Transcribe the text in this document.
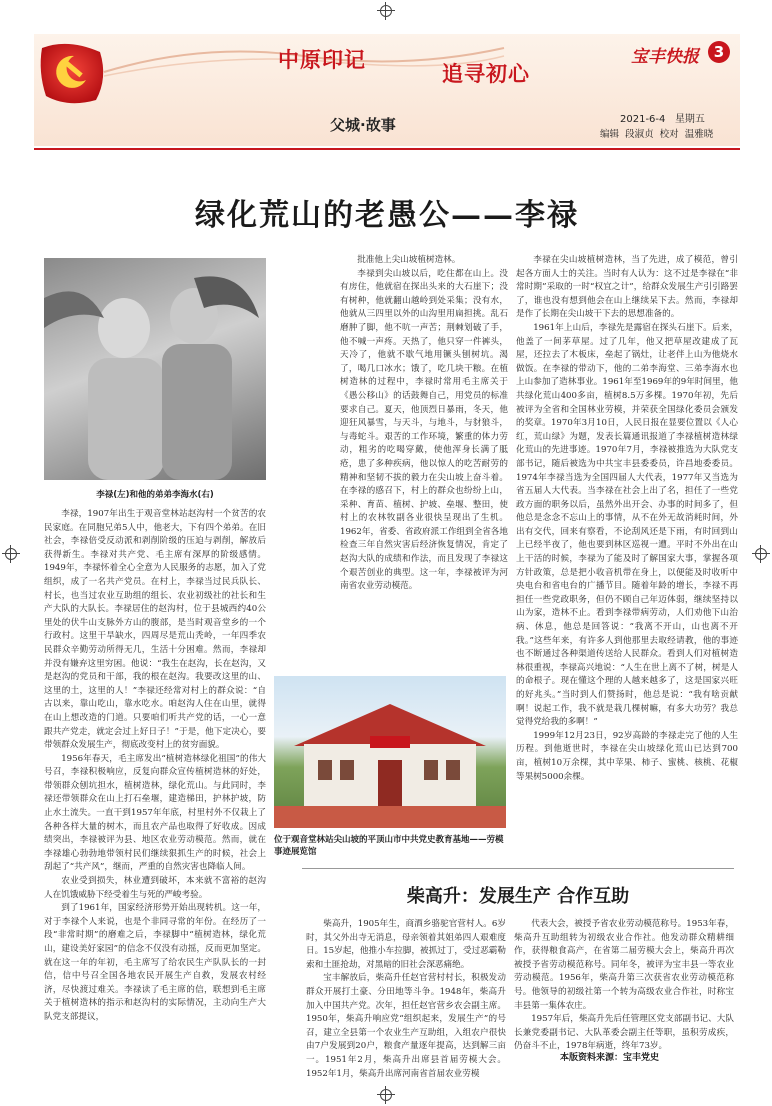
中原印记
追寻初心
父城·故事
宝丰快报 3
2021-6-4 星期五
编辑 段淑贞 校对 温雅晓
绿化荒山的老愚公——李禄
李禄(左)和他的弟弟李海水(右)

李禄，1907年出生于观音堂林站赵沟村一个贫苦的农民家庭。在同胞兄弟5人中，他老大，下有四个弟弟。在旧社会，李禄倍受反动派和剥削阶级的压迫与剥削，解放后获得新生。李禄对共产党、毛主席有深厚的阶级感情。1949年，李禄怀着全心全意为人民服务的志愿，加入了党组织，成了一名共产党员。在村上，李禄当过民兵队长、村长，也当过农业互助组的组长、农业初级社的社长和生产大队的大队长。李禄居住的赵沟村，位于县城西约40公里处的伏牛山支脉外方山的腹部，是当时观音堂乡的一个行政村。这里干旱缺水，四周尽是荒山秃岭，一年四季农民群众辛勤劳动所得无几，生活十分困难。然而，李禄却并没有嫌弃这里穷困。他说：“我生在赵沟，长在赵沟，又是赵沟的党员和干部，我的根在赵沟。我要改这里的山、这里的土，这里的人！”李禄还经常对村上的群众说：“自古以来，靠山吃山，靠水吃水。咱赵沟人住在山里，就得在山上想改造的门道。只要咱们听共产党的话，一心一意跟共产党走，就定会过上好日子！”于是，他下定决心，要带领群众发展生产，彻底改变村上的贫穷面貌。

1956年春天，毛主席发出“植树造林绿化祖国”的伟大号召，李禄积极响应，反复向群众宣传植树造林的好处，带领群众刨坑担水，植树造林，绿化荒山。与此同时，李禄还带领群众在山上打石垒堰，建造梯田，护林护坡，防止水土流失。一直干到1957年年底，村里村外不仅栽上了各种各样大量的树木，而且农产品也取得了好收成。因成绩突出，李禄被评为县、地区农业劳动模范。然而，就在李禄雄心勃勃地带领村民们继续狠抓生产的时候，社会上刮起了“共产风”，继而，严重的自然灾害也降临人间。

农业受到损失，林业遭到破坏，本来就不富裕的赵沟人在饥饿威胁下经受着生与死的严峻考验。

到了1961年，国家经济形势开始出现转机。这一年，对于李禄个人来说，也是个非同寻常的年份。在经历了一段“非常时期”的磨难之后，李禄脚中“植树造林，绿化荒山，建设美好家园”的信念不仅没有动摇，反而更加坚定。就在这一年的年初，毛主席写了给农民生产队队长的一封信，信中号召全国各地农民开展生产自救，发展农村经济，尽快渡过难关。李禄读了毛主席的信，联想到毛主席关于植树造林的指示和赵沟村的实际情况，主动向生产大队党支部提议，

批准他上尖山坡植树造林。

李禄到尖山坡以后，吃住都在山上。没有房住，他就宿在探出头来的大石崖下；没有树种，他就翻山越岭到处采集；没有水，他就从三四里以外的山沟里用扁担挑。乱石磨肿了脚，他不吭一声苦；荆棘划破了手，他不喊一声疼。天热了，他只穿一件裤头，天冷了，他就不歇气地用镢头刨树坑。渴了，喝几口冰水；饿了，吃几块干粮。在植树造林的过程中，李禄时常用毛主席关于《愚公移山》的话鼓舞自己，用党员的标准要求自己。夏天，他顶烈日暴雨，冬天，他迎狂风暴雪，与天斗，与地斗，与豺狼斗，与毒蛇斗。艰苦的工作环境，繁重的体力劳动，粗劣的吃喝穿戴，使他浑身长满了胝疮，患了多种疾病，他以惊人的吃苦耐劳的精神和坚韧不拔的毅力在尖山坡上奋斗着。在李禄的感召下，村上的群众也纷纷上山，采种、育苗、植树、护坡、垒堰、整田，使村上的农林牧副各业很快呈现出了生机。1962年，省委、省政府派工作组到全省各地检查三年自然灾害后经济恢复情况，肯定了赵沟大队的成绩和作法，而且发现了李禄这个艰苦创业的典型。这一年，李禄被评为河南省农业劳动模范。

位于观音堂林站尖山坡的平顶山市中共党史教育基地——劳模事迹展览馆

李禄在尖山坡植树造林，当了先进，成了模范，曾引起各方面人士的关注。当时有人认为：这不过是李禄在“非常时期”采取的一时“权宜之计”，给群众发展生产引引路罢了，谁也没有想到他会在山上继续呆下去。然而，李禄却是作了长期在尖山坡干下去的思想准备的。

1961年上山后，李禄先是露宿在探头石崖下。后来，他盖了一间茅草屋。过了几年，他又把草屋改建成了瓦屋，还拉去了木板床，垒起了锅灶，让老伴上山为他烧水做饭。在李禄的带动下，他的二弟李海堂、三弟李海水也上山参加了造林事业。1961年至1969年的9年时间里，他共绿化荒山400多亩，植树8.5万多棵。1970年初，先后被评为全省和全国林业劳模，并荣获全国绿化委员会颁发的奖章。1970年3月10日，人民日报在显要位置以《人心红，荒山绿》为题，发表长篇通讯报道了李禄植树造林绿化荒山的先进事迹。1970年7月，李禄被推选为大队党支部书记，随后被选为中共宝丰县委委员，许昌地委委员。1974年李禄当选为全国四届人大代表，1977年又当选为省五届人大代表。当李禄在社会上出了名，担任了一些党政方面的职务以后，虽然外出开会、办事的时间多了，但他总是念念不忘山上的事情，从不在外无故消耗时间，外出有交代，回来有察看，不论刮风还是下雨，有时回到山上已经半夜了，他也要到林区巡视一遭。平时不外出在山上干活的时候，李禄为了能及时了解国家大事，掌握各项方针政策，总是把小收音机带在身上，以便能及时收听中央电台和省电台的广播节目。随着年龄的增长，李禄不再担任一些党政职务，但仍不顾自己年迈体弱，继续坚持以山为家，造林不止。看到李禄带病劳动，人们劝他下山治病、休息，他总是回答说：“我离不开山，山也离不开我。”这些年来，有许多人到他那里去取经请教，他的事迹也不断通过各种渠道传送给人民群众。看到人们对植树造林很重视，李禄高兴地说：“人生在世上离不了树，树是人的命根子。现在懂这个理的人越来越多了，这是国家兴旺的好兆头。”当时到人们赞扬时，他总是说：“我有啥贡献啊！说起工作，我不就是栽几棵树嘛，有多大功劳？我总觉得党给我的多啊！”

1999年12月23日，92岁高龄的李禄走完了他的人生历程。到他逝世时，李禄在尖山坡绿化荒山已达到700亩，植树10万余棵，其中苹果、柿子、蜜桃、核桃、花椒等果树5000余棵。

柴高升：发展生产 合作互助

柴高升，1905年生，商酒乡骆驼官营村人。6岁时，其父外出寺无消息，母亲领着其姐弟四人艰难度日。15岁起，他推小车拉脚，被抓过丁，受过恶霸勒索和土匪抢劫，对黑暗的旧社会深恶痛绝。

宝丰解放后，柴高升任赵官营村村长，积极发动群众开展打土豪、分田地等斗争。1948年，柴高升加入中国共产党。次年，担任赵官营乡农会副主席。1950年，柴高升响应党“组织起来，发展生产”的号召，建立全县第一个农业生产互助组，入组农户很快由7户发展到20户，粮食产量逐年提高，达到解三亩一。1951年2月，柴高升出席县首届劳模大会。1952年1月，柴高升出席河南省首届农业劳模

代表大会，被授予省农业劳动模范称号。1953年春，柴高升互助组转为初级农业合作社。他发动群众精耕细作，获得粮食高产，在省第二届劳模大会上，柴高升再次被授予省劳动模范称号。同年冬，被评为宝丰县一等农业劳动模范。1956年，柴高升第三次获省农业劳动模范称号。他领导的初级社第一个转为高级农业合作社，时称宝丰县第一集体农庄。

1957年后，柴高升先后任管理区党支部副书记、大队长兼党委副书记、大队革委会副主任等职，虽积劳成疾，仍奋斗不止，1978年病逝，终年73岁。

本版资料来源：宝丰党史
